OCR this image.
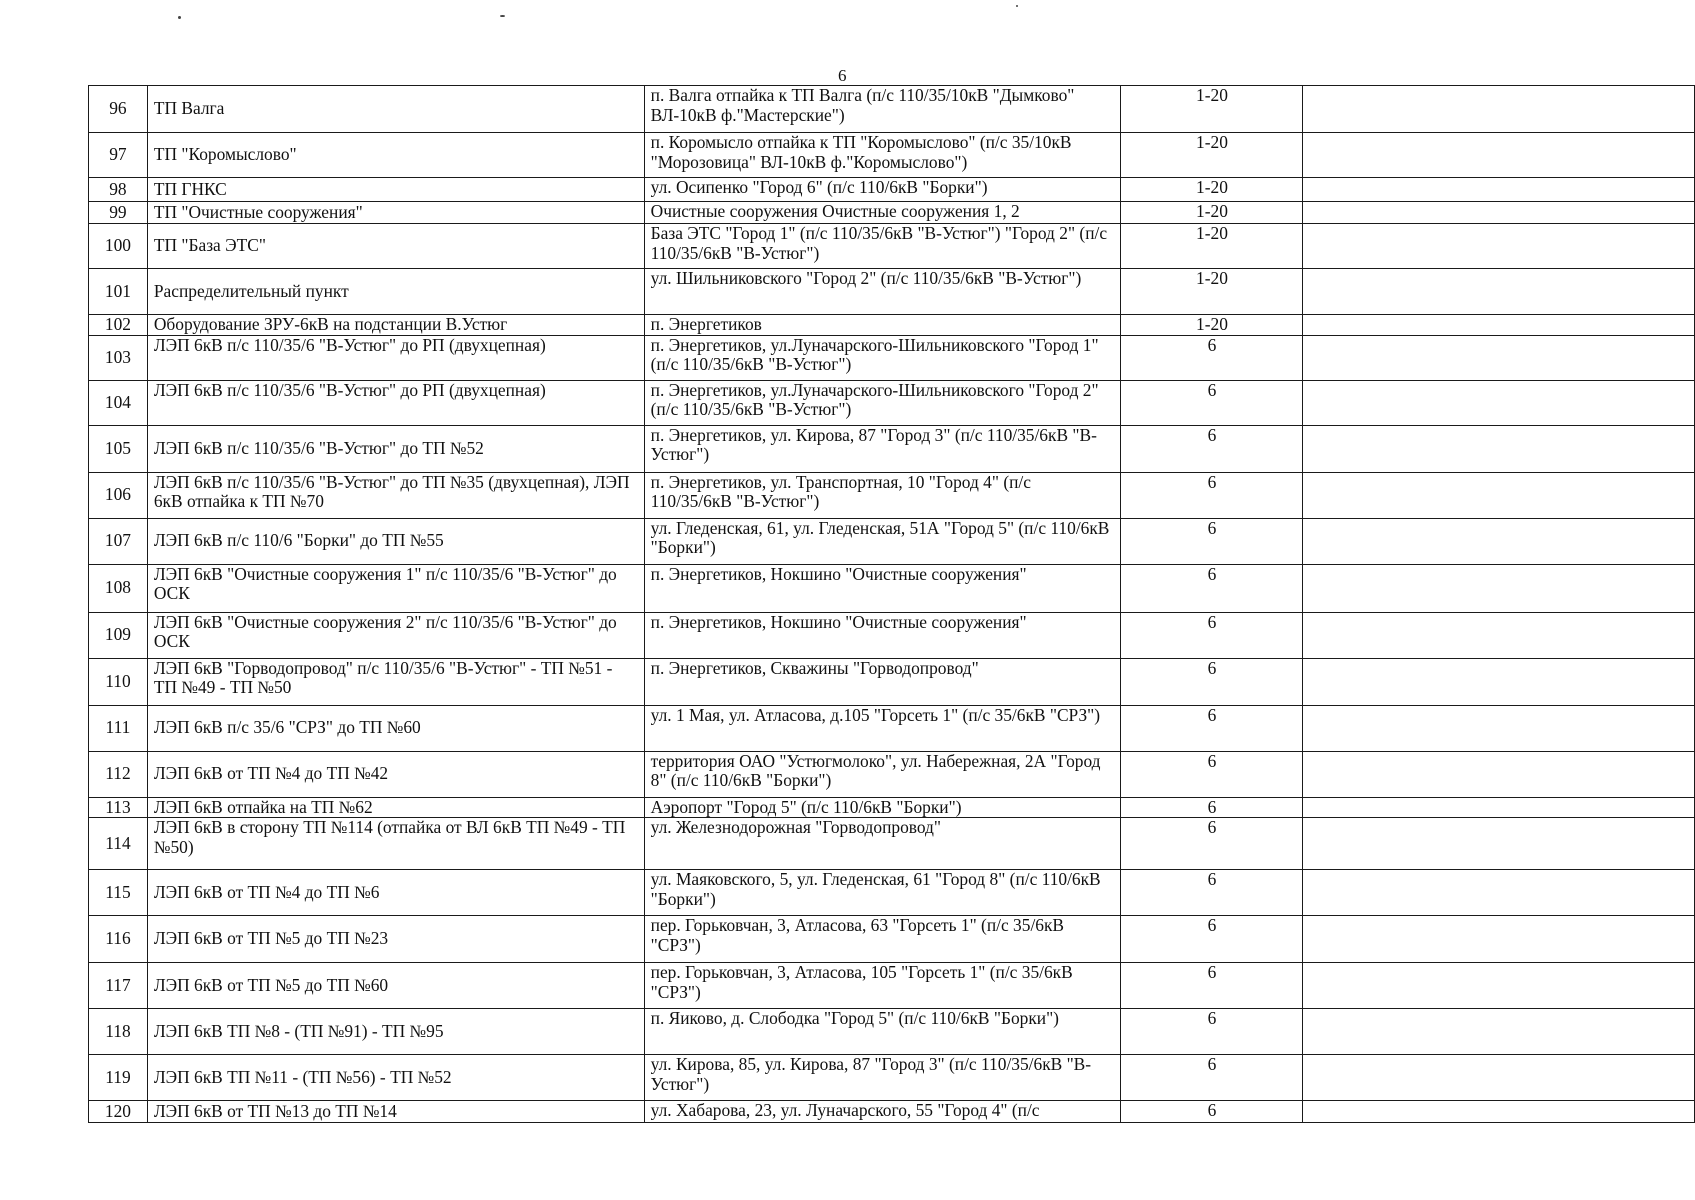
6
96	ТП Валга	п. Валга отпайка к ТП Валга (п/с 110/35/10кВ "Дымково" ВЛ-10кВ ф."Мастерские")	1-20	
97	ТП "Коромыслово"	п. Коромысло отпайка к ТП "Коромыслово" (п/с 35/10кВ "Морозовица" ВЛ-10кВ ф."Коромыслово")	1-20	
98	ТП ГНКС	ул. Осипенко "Город 6" (п/с 110/6кВ "Борки")	1-20	
99	ТП "Очистные сооружения"	Очистные сооружения Очистные сооружения 1, 2	1-20	
100	ТП "База ЭТС"	База ЭТС "Город 1" (п/с 110/35/6кВ "В-Устюг") "Город 2" (п/с 110/35/6кВ "В-Устюг")	1-20	
101	Распределительный пункт	ул. Шильниковского "Город 2" (п/с 110/35/6кВ "В-Устюг")	1-20	
102	Оборудование ЗРУ-6кВ на подстанции В.Устюг	п. Энергетиков	1-20	
103	ЛЭП 6кВ п/с 110/35/6 "В-Устюг" до РП (двухцепная)	п. Энергетиков, ул.Луначарского-Шильниковского "Город 1" (п/с 110/35/6кВ "В-Устюг")	6	
104	ЛЭП 6кВ п/с 110/35/6 "В-Устюг" до РП (двухцепная)	п. Энергетиков, ул.Луначарского-Шильниковского "Город 2" (п/с 110/35/6кВ "В-Устюг")	6	
105	ЛЭП 6кВ п/с 110/35/6 "В-Устюг" до ТП №52	п. Энергетиков, ул. Кирова, 87 "Город 3" (п/с 110/35/6кВ "В-Устюг")	6	
106	ЛЭП 6кВ п/с 110/35/6 "В-Устюг" до ТП №35 (двухцепная), ЛЭП 6кВ отпайка к ТП №70	п. Энергетиков, ул. Транспортная, 10 "Город 4" (п/с 110/35/6кВ "В-Устюг")	6	
107	ЛЭП 6кВ п/с 110/6 "Борки" до ТП №55	ул. Гледенская, 61, ул. Гледенская, 51А "Город 5" (п/с 110/6кВ "Борки")	6	
108	ЛЭП 6кВ "Очистные сооружения 1" п/с 110/35/6 "В-Устюг" до ОСК	п. Энергетиков, Нокшино "Очистные сооружения"	6	
109	ЛЭП 6кВ "Очистные сооружения 2" п/с 110/35/6 "В-Устюг" до ОСК	п. Энергетиков, Нокшино "Очистные сооружения"	6	
110	ЛЭП 6кВ "Горводопровод" п/с 110/35/6 "В-Устюг" - ТП №51 - ТП №49 - ТП №50	п. Энергетиков, Скважины "Горводопровод"	6	
111	ЛЭП 6кВ п/с 35/6 "СРЗ" до ТП №60	ул. 1 Мая, ул. Атласова, д.105 "Горсеть 1" (п/с 35/6кВ "СРЗ")	6	
112	ЛЭП 6кВ от ТП №4 до ТП №42	территория ОАО "Устюгмолоко", ул. Набережная, 2А "Город 8" (п/с 110/6кВ "Борки")	6	
113	ЛЭП 6кВ отпайка на ТП №62	Аэропорт "Город 5" (п/с 110/6кВ "Борки")	6	
114	ЛЭП 6кВ в сторону ТП №114 (отпайка от ВЛ 6кВ ТП №49 - ТП №50)	ул. Железнодорожная "Горводопровод"	6	
115	ЛЭП 6кВ от ТП №4 до ТП №6	ул. Маяковского, 5, ул. Гледенская, 61 "Город 8" (п/с 110/6кВ "Борки")	6	
116	ЛЭП 6кВ от ТП №5 до ТП №23	пер. Горьковчан, 3, Атласова, 63 "Горсеть 1" (п/с 35/6кВ "СРЗ")	6	
117	ЛЭП 6кВ от ТП №5 до ТП №60	пер. Горьковчан, 3, Атласова, 105 "Горсеть 1" (п/с 35/6кВ "СРЗ")	6	
118	ЛЭП 6кВ ТП №8 - (ТП №91) - ТП №95	п. Яиково, д. Слободка "Город 5" (п/с 110/6кВ "Борки")	6	
119	ЛЭП 6кВ ТП №11 - (ТП №56) - ТП №52	ул. Кирова, 85, ул. Кирова, 87 "Город 3" (п/с 110/35/6кВ "В-Устюг")	6	
120	ЛЭП 6кВ от ТП №13 до ТП №14	ул. Хабарова, 23, ул. Луначарского, 55 "Город 4" (п/с	6	
